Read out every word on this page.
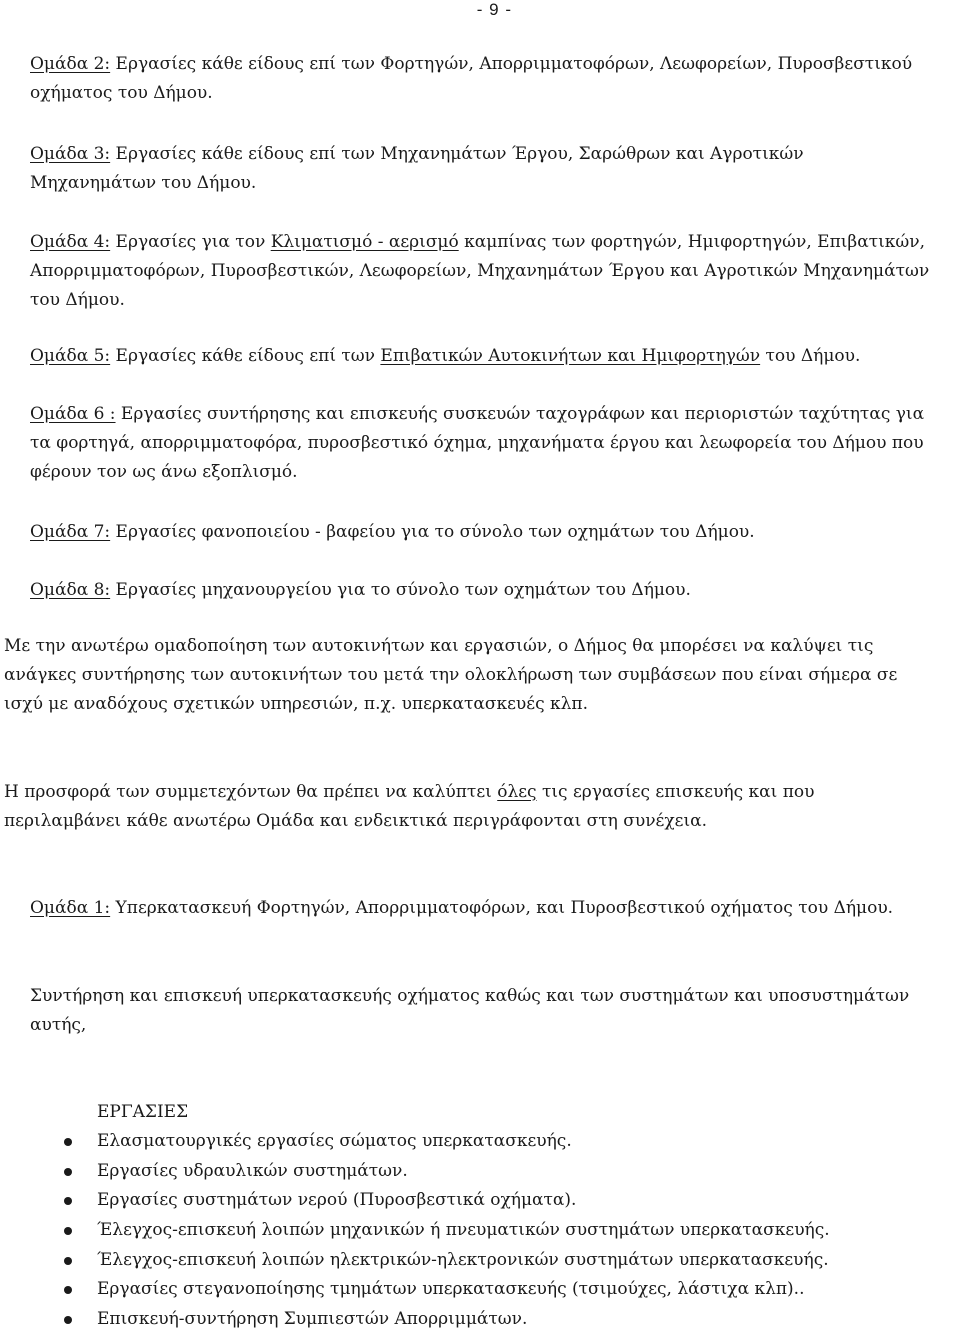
- 9 -

Ομάδα 2: Εργασίες κάθε είδους επί των Φορτηγών, Απορριμματοφόρων, Λεωφορείων, Πυροσβεστικού οχήματος του Δήμου.

Ομάδα 3: Εργασίες κάθε είδους επί των Μηχανημάτων Έργου, Σαρώθρων και Αγροτικών Μηχανημάτων του Δήμου.

Ομάδα 4: Εργασίες για τον Κλιματισμό - αερισμό καμπίνας των φορτηγών, Ημιφορτηγών, Επιβατικών, Απορριμματοφόρων, Πυροσβεστικών, Λεωφορείων, Μηχανημάτων Έργου και Αγροτικών Μηχανημάτων του Δήμου.

Ομάδα 5: Εργασίες κάθε είδους επί των Επιβατικών Αυτοκινήτων και Ημιφορτηγών του Δήμου.

Ομάδα 6 : Εργασίες συντήρησης και επισκευής συσκευών ταχογράφων και περιοριστών ταχύτητας για τα φορτηγά, απορριμματοφόρα, πυροσβεστικό όχημα, μηχανήματα έργου και λεωφορεία του Δήμου που φέρουν τον ως άνω εξοπλισμό.

Ομάδα 7: Εργασίες φανοποιείου - βαφείου για το σύνολο των οχημάτων του Δήμου.

Ομάδα 8: Εργασίες μηχανουργείου για το σύνολο των οχημάτων του Δήμου.

Με την ανωτέρω ομαδοποίηση των αυτοκινήτων και εργασιών, ο Δήμος θα μπορέσει να καλύψει τις ανάγκες συντήρησης των αυτοκινήτων του μετά την ολοκλήρωση των συμβάσεων που είναι σήμερα σε ισχύ με αναδόχους σχετικών υπηρεσιών, π.χ. υπερκατασκευές κλπ.

Η προσφορά των συμμετεχόντων θα πρέπει να καλύπτει όλες τις εργασίες επισκευής και που περιλαμβάνει κάθε ανωτέρω Ομάδα και ενδεικτικά περιγράφονται στη συνέχεια.

Ομάδα 1: Υπερκατασκευή Φορτηγών, Απορριμματοφόρων, και Πυροσβεστικού οχήματος του Δήμου.

Συντήρηση και επισκευή υπερκατασκευής οχήματος καθώς και των συστημάτων και υποσυστημάτων αυτής,

ΕΡΓΑΣΙΕΣ
Ελασματουργικές εργασίες σώματος υπερκατασκευής.
Εργασίες υδραυλικών συστημάτων.
Εργασίες συστημάτων νερού (Πυροσβεστικά οχήματα).
Έλεγχος-επισκευή λοιπών μηχανικών ή πνευματικών συστημάτων υπερκατασκευής.
Έλεγχος-επισκευή λοιπών ηλεκτρικών-ηλεκτρονικών συστημάτων υπερκατασκευής.
Εργασίες στεγανοποίησης τμημάτων υπερκατασκευής (τσιμούχες, λάστιχα κλπ)..
Επισκευή-συντήρηση Συμπιεστών Απορριμμάτων.
